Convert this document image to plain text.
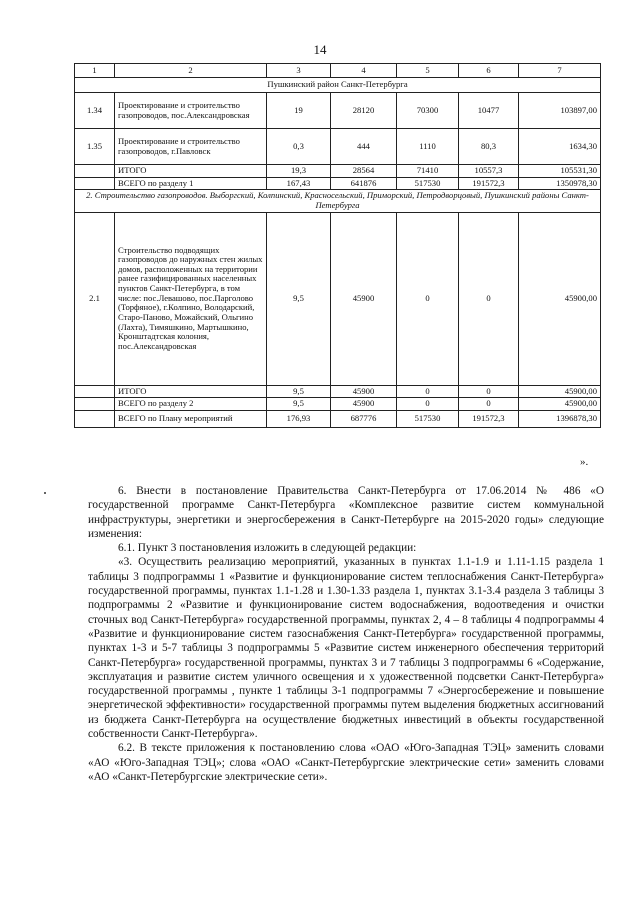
14
1	2	3	4	5	6	7
Пушкинский район Санкт-Петербурга						
1.34	Проектирование и строительство газопроводов, пос.Александровская	19	28120	70300	10477	103897,00
1.35	Проектирование и строительство газопроводов, г.Павловск	0,3	444	1110	80,3	1634,30
	ИТОГО	19,3	28564	71410	10557,3	105531,30
	ВСЕГО по разделу 1	167,43	641876	517530	191572,3	1350978,30
2. Строительство газопроводов. Выборгский, Колпинский, Красносельский, Приморский, Петродворцовый, Пушкинский районы Санкт-Петербурга						
2.1	Строительство подводящих газопроводов до наружных стен жилых домов, расположенных на территории ранее газифицированных населенных пунктов Санкт-Петербурга, в том числе: пос.Левашово, пос.Парголово (Торфяное), г.Колпино, Володарский, Старо-Паново, Можайский, Ольгино (Лахта), Тимяшкино, Мартышкино, Кронштадтская колония, пос.Александровская	9,5	45900	0	0	45900,00
	ИТОГО	9,5	45900	0	0	45900,00
	ВСЕГО по разделу 2	9,5	45900	0	0	45900,00
	ВСЕГО по Плану мероприятий	176,93	687776	517530	191572,3	1396878,30
».

6. Внести в постановление Правительства Санкт-Петербурга от 17.06.2014 № 486 «О государственной программе Санкт-Петербурга «Комплексное развитие систем коммунальной инфраструктуры, энергетики и энергосбережения в Санкт-Петербурге на 2015-2020 годы» следующие изменения:

6.1. Пункт 3 постановления изложить в следующей редакции:

«3. Осуществить реализацию мероприятий, указанных в пунктах 1.1-1.9 и 1.11-1.15 раздела 1 таблицы 3 подпрограммы 1 «Развитие и функционирование систем теплоснабжения Санкт-Петербурга» государственной программы, пунктах 1.1-1.28 и 1.30-1.33 раздела 1, пунктах 3.1-3.4 раздела 3 таблицы 3 подпрограммы 2 «Развитие и функционирование систем водоснабжения, водоотведения и очистки сточных вод Санкт-Петербурга» государственной программы, пунктах 2, 4 – 8 таблицы 4 подпрограммы 4 «Развитие и функционирование систем газоснабжения Санкт-Петербурга» государственной программы, пунктах 1-3 и 5-7 таблицы 3 подпрограммы 5 «Развитие систем инженерного обеспечения территорий Санкт-Петербурга» государственной программы, пунктах 3 и 7 таблицы 3 подпрограммы 6 «Содержание, эксплуатация и развитие систем уличного освещения и х удожественной подсветки Санкт-Петербурга» государственной программы , пункте 1 таблицы 3-1 подпрограммы 7 «Энергосбережение и повышение энергетической эффективности» государственной программы путем выделения бюджетных ассигнований из бюджета Санкт-Петербурга на осуществление бюджетных инвестиций в объекты государственной собственности Санкт-Петербурга».

6.2. В тексте приложения к постановлению слова «ОАО «Юго-Западная ТЭЦ» заменить словами «АО «Юго-Западная ТЭЦ»; слова «ОАО «Санкт-Петербургские электрические сети» заменить словами «АО «Санкт-Петербургские электрические сети».
